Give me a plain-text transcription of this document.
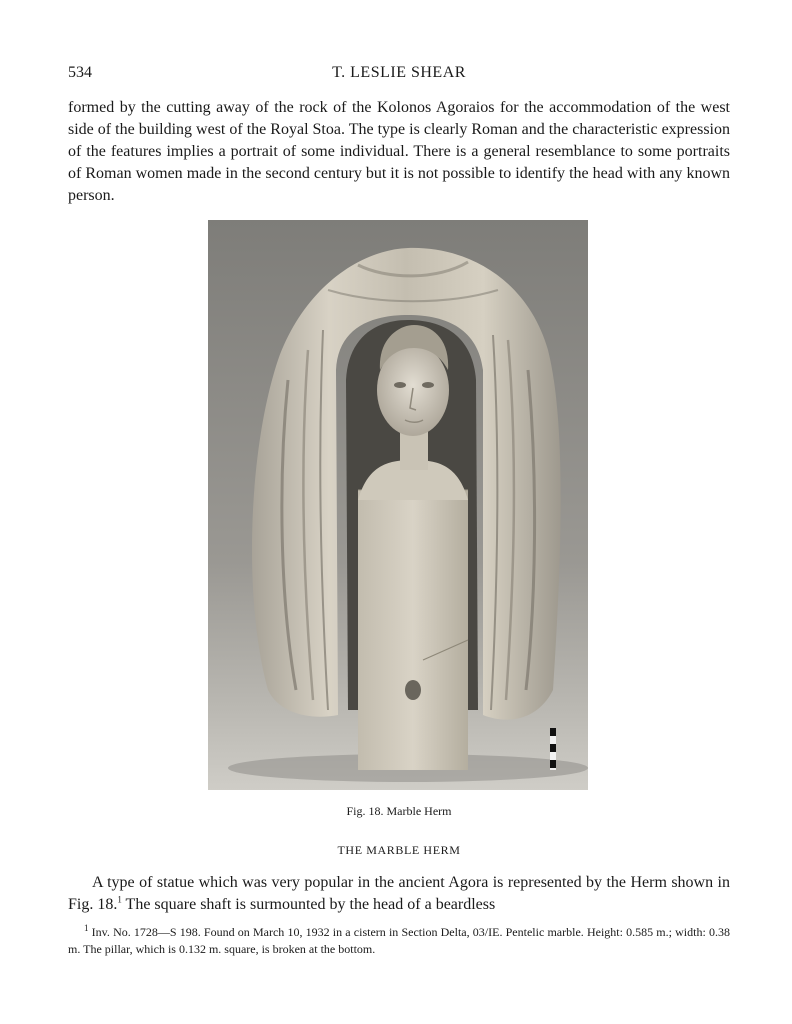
534	T. LESLIE SHEAR

formed by the cutting away of the rock of the Kolonos Agoraios for the accommodation of the west side of the building west of the Royal Stoa. The type is clearly Roman and the characteristic expression of the features implies a portrait of some individual. There is a general resemblance to some portraits of Roman women made in the second century but it is not possible to identify the head with any known person.

Fig. 18. Marble Herm
THE MARBLE HERM

A type of statue which was very popular in the ancient Agora is represented by the Herm shown in Fig. 18.$^1$ The square shaft is surmounted by the head of a beardless

$^1$ Inv. No. 1728—S 198. Found on March 10, 1932 in a cistern in Section Delta, 03/IE. Pentelic marble. Height: 0.585 m.; width: 0.38 m. The pillar, which is 0.132 m. square, is broken at the bottom.
